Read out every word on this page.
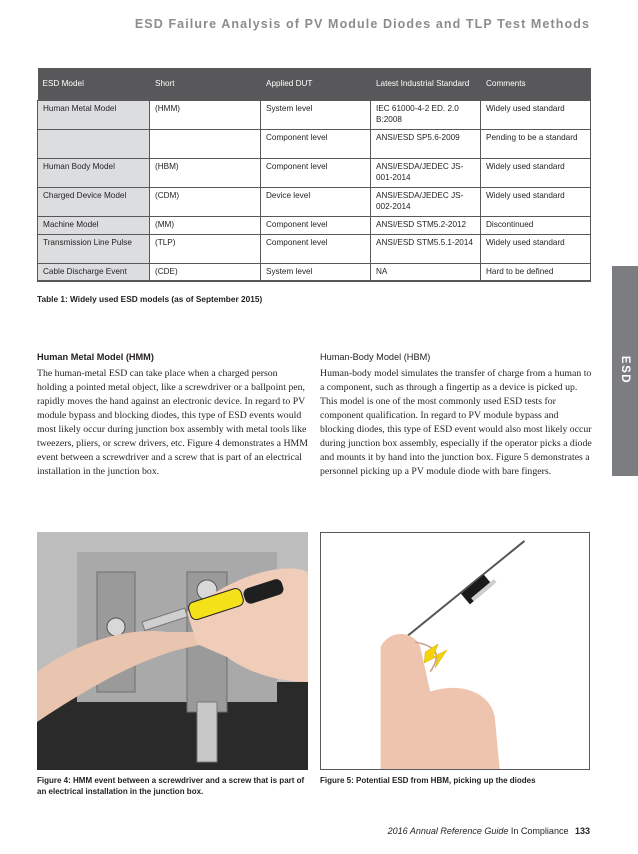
ESD Failure Analysis of PV Module Diodes and TLP Test Methods
ESD Model	Short	Applied DUT	Latest Industrial Standard	Comments
Human Metal Model	(HMM)	System level	IEC 61000-4-2 ED. 2.0 B:2008	Widely used standard
		Component level	ANSI/ESD SP5.6-2009	Pending to be a standard
Human Body Model	(HBM)	Component level	ANSI/ESDA/JEDEC JS-001-2014	Widely used standard
Charged Device Model	(CDM)	Device level	ANSI/ESDA/JEDEC JS-002-2014	Widely used standard
Machine Model	(MM)	Component level	ANSI/ESD STM5.2-2012	Discontinued
Transmission Line Pulse	(TLP)	Component level	ANSI/ESD STM5.5.1-2014	Widely used standard
Cable Discharge Event	(CDE)	System level	NA	Hard to be defined
Table 1: Widely used ESD models (as of September 2015)
ESD
Human Metal Model (HMM)

The human-metal ESD can take place when a charged person holding a pointed metal object, like a screwdriver or a ballpoint pen, rapidly moves the hand against an electronic device. In regard to PV module bypass and blocking diodes, this type of ESD events would most likely occur during junction box assembly with metal tools like tweezers, pliers, or screw drivers, etc. Figure 4 demonstrates a HMM event between a screwdriver and a screw that is part of an electrical installation in the junction box.

Human-Body Model (HBM)

Human-body model simulates the transfer of charge from a human to a component, such as through a fingertip as a device is picked up. This model is one of the most commonly used ESD tests for component qualification. In regard to PV module bypass and blocking diodes, this type of ESD event would also most likely occur during junction box assembly, especially if the operator picks a diode and mounts it by hand into the junction box. Figure 5 demonstrates a personnel picking up a PV module diode with bare fingers.

Figure 4: HMM event between a screwdriver and a screw that is part of an electrical installation in the junction box.
Figure 5: Potential ESD from HBM, picking up the diodes
2016 Annual Reference Guide In Compliance 133
